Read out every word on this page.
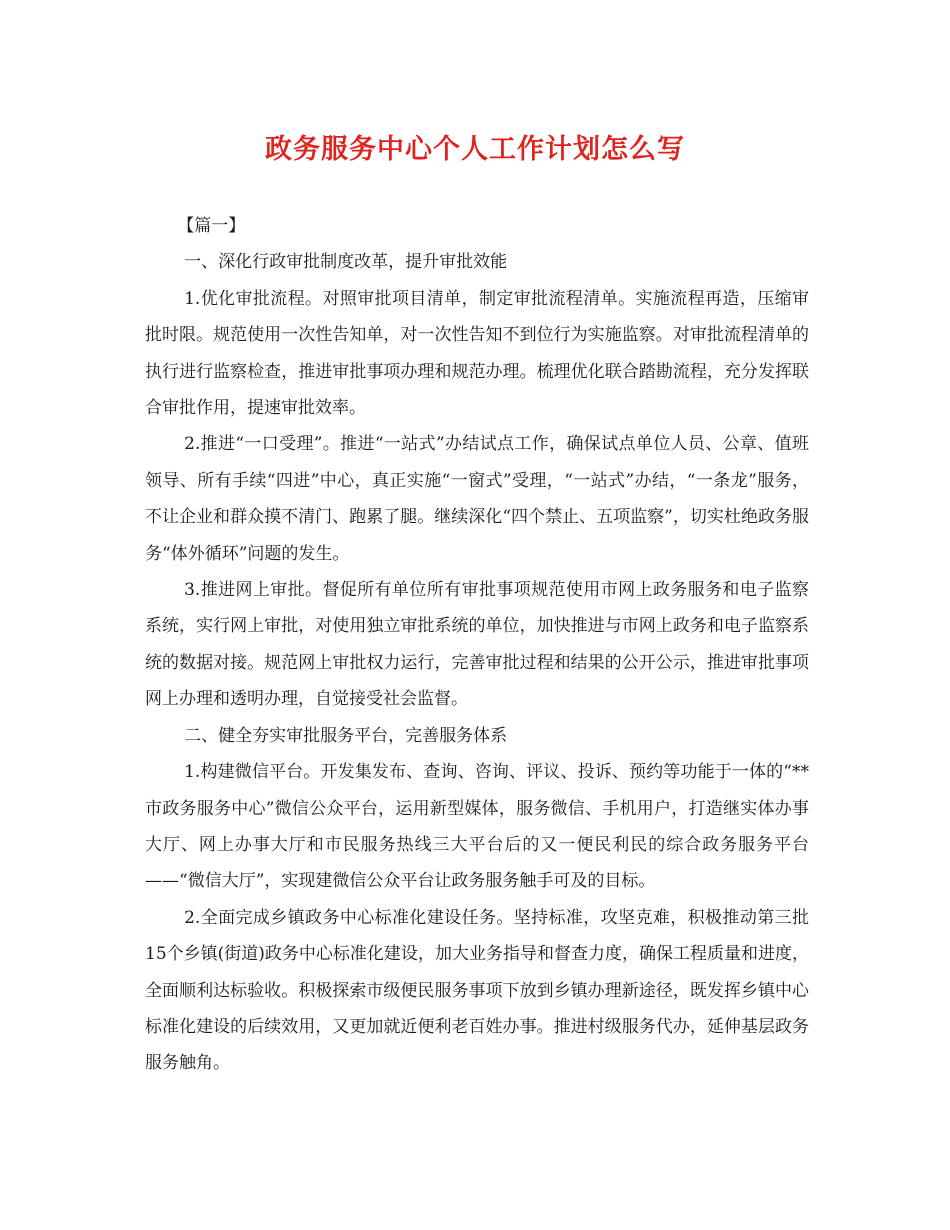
政务服务中心个人工作计划怎么写

【篇一】

一、深化行政审批制度改革，提升审批效能

1.优化审批流程。对照审批项目清单，制定审批流程清单。实施流程再造，压缩审批时限。规范使用一次性告知单，对一次性告知不到位行为实施监察。对审批流程清单的执行进行监察检查，推进审批事项办理和规范办理。梳理优化联合踏勘流程，充分发挥联合审批作用，提速审批效率。

2.推进“一口受理”。推进“一站式”办结试点工作，确保试点单位人员、公章、值班领导、所有手续“四进”中心，真正实施“一窗式”受理，“一站式”办结，“一条龙”服务，不让企业和群众摸不清门、跑累了腿。继续深化“四个禁止、五项监察”，切实杜绝政务服务“体外循环”问题的发生。

3.推进网上审批。督促所有单位所有审批事项规范使用市网上政务服务和电子监察系统，实行网上审批，对使用独立审批系统的单位，加快推进与市网上政务和电子监察系统的数据对接。规范网上审批权力运行，完善审批过程和结果的公开公示，推进审批事项网上办理和透明办理，自觉接受社会监督。

二、健全夯实审批服务平台，完善服务体系

1.构建微信平台。开发集发布、查询、咨询、评议、投诉、预约等功能于一体的“**市政务服务中心”微信公众平台，运用新型媒体，服务微信、手机用户，打造继实体办事大厅、网上办事大厅和市民服务热线三大平台后的又一便民利民的综合政务服务平台——“微信大厅”，实现建微信公众平台让政务服务触手可及的目标。

2.全面完成乡镇政务中心标准化建设任务。坚持标准，攻坚克难，积极推动第三批15个乡镇(街道)政务中心标准化建设，加大业务指导和督查力度，确保工程质量和进度，全面顺利达标验收。积极探索市级便民服务事项下放到乡镇办理新途径，既发挥乡镇中心标准化建设的后续效用，又更加就近便利老百姓办事。推进村级服务代办，延伸基层政务服务触角。
